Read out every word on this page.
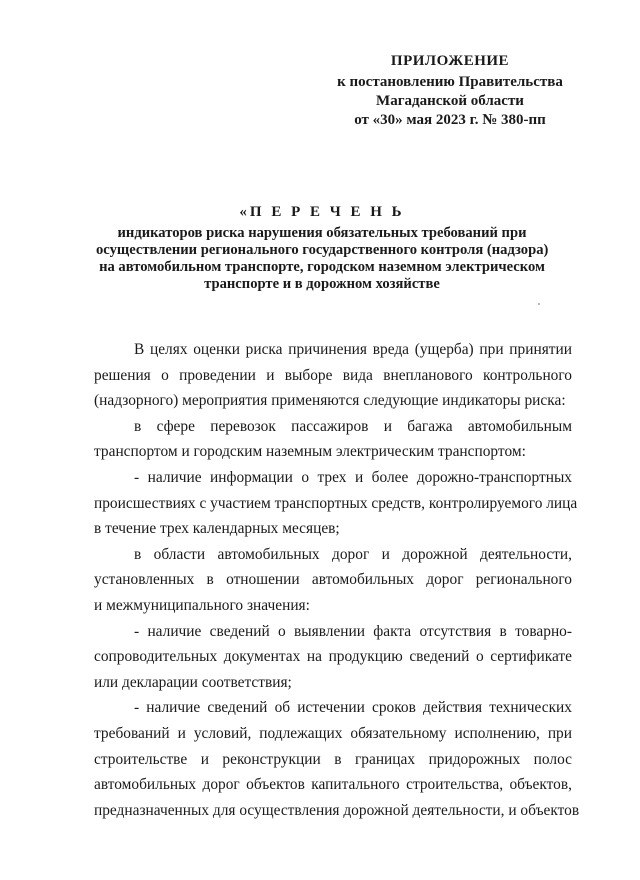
ПРИЛОЖЕНИЕ
к постановлению Правительства
Магаданской области
от «30» мая 2023 г. № 380-пп
«П Е Р Е Ч Е Н Ь
индикаторов риска нарушения обязательных требований при
осуществлении регионального государственного контроля (надзора)
на автомобильном транспорте, городском наземном электрическом
транспорте и в дорожном хозяйстве
В целях оценки риска причинения вреда (ущерба) при принятии
решения о проведении и выборе вида внепланового контрольного
(надзорного) мероприятия применяются следующие индикаторы риска:
в сфере перевозок пассажиров и багажа автомобильным
транспортом и городским наземным электрическим транспортом:
- наличие информации о трех и более дорожно-транспортных
происшествиях с участием транспортных средств, контролируемого лица
в течение трех календарных месяцев;
в области автомобильных дорог и дорожной деятельности,
установленных в отношении автомобильных дорог регионального
и межмуниципального значения:
- наличие сведений о выявлении факта отсутствия в товарно-
сопроводительных документах на продукцию сведений о сертификате
или декларации соответствия;
- наличие сведений об истечении сроков действия технических
требований и условий, подлежащих обязательному исполнению, при
строительстве и реконструкции в границах придорожных полос
автомобильных дорог объектов капитального строительства, объектов,
предназначенных для осуществления дорожной деятельности, и объектов
